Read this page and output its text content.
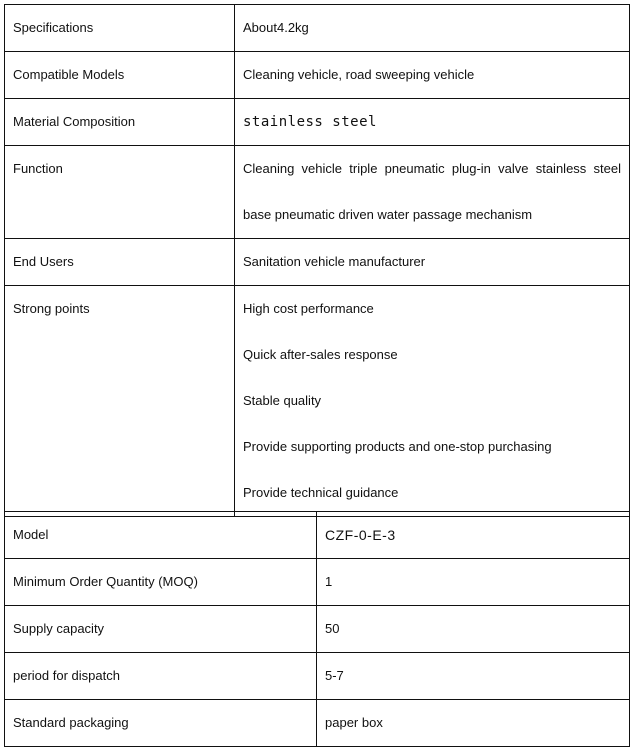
Specifications	About4.2kg
Compatible Models	Cleaning vehicle, road sweeping vehicle
Material Composition	stainless steel
Function	Cleaning vehicle triple pneumatic plug-in valve stainless steel base pneumatic driven water passage mechanism
End Users	Sanitation vehicle manufacturer
Strong points	High cost performance
Quick after-sales response
Stable quality
Provide supporting products and one-stop purchasing
Provide technical guidance
Model	CZF-0-E-3
Minimum Order Quantity (MOQ)	1
Supply capacity	50
period for dispatch	5-7
Standard packaging	paper box
